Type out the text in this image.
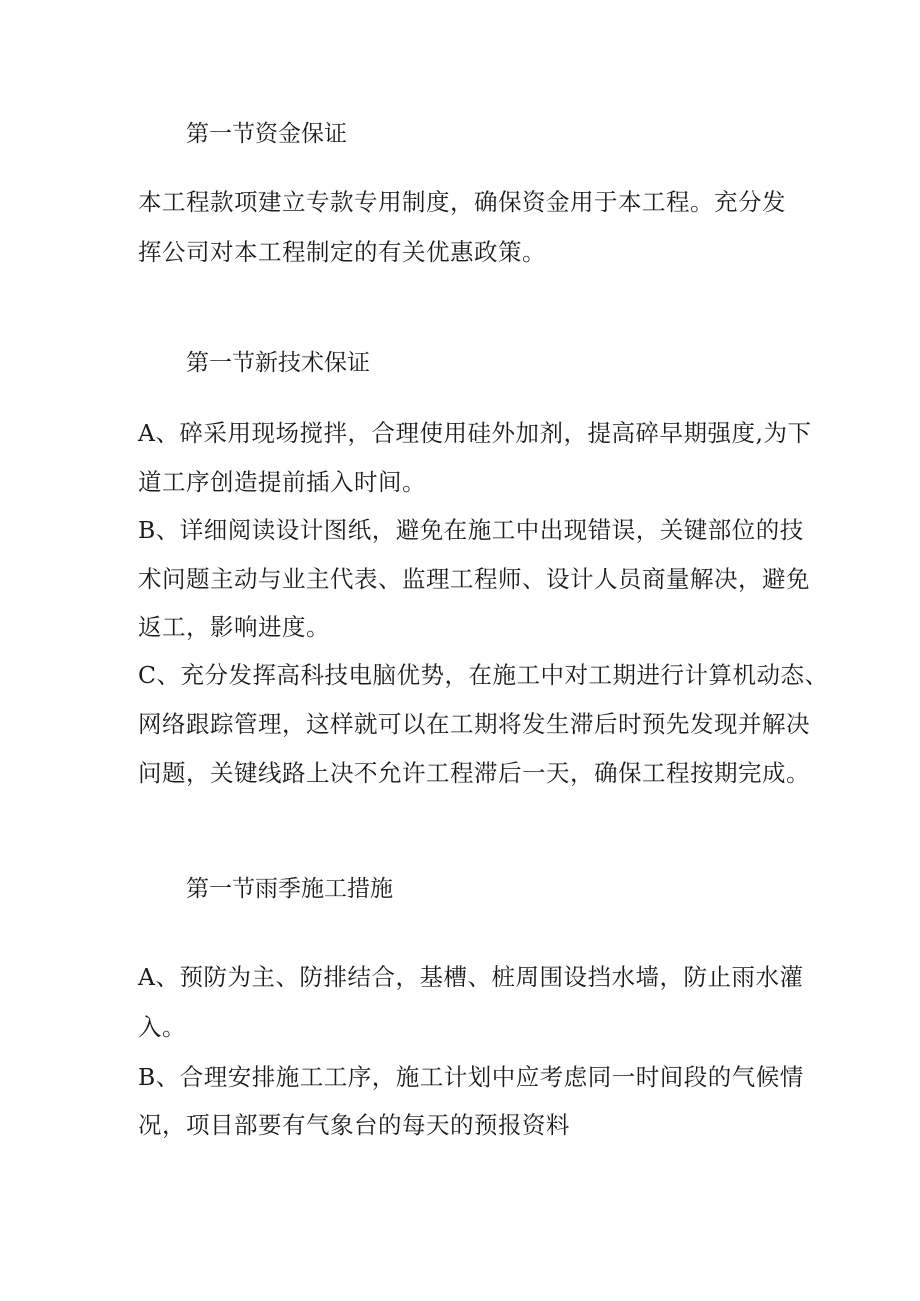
第一节资金保证
本工程款项建立专款专用制度，确保资金用于本工程。充分发
挥公司对本工程制定的有关优惠政策。
第一节新技术保证
A、碎采用现场搅拌，合理使用硅外加剂，提高碎早期强度,为下
道工序创造提前插入时间。
B、详细阅读设计图纸，避免在施工中出现错误，关键部位的技
术问题主动与业主代表、监理工程师、设计人员商量解决，避免
返工，影响进度。
C、充分发挥高科技电脑优势，在施工中对工期进行计算机动态、
网络跟踪管理，这样就可以在工期将发生滞后时预先发现并解决
问题，关键线路上决不允许工程滞后一天，确保工程按期完成。
第一节雨季施工措施
A、预防为主、防排结合，基槽、桩周围设挡水墙，防止雨水灌
入。
B、合理安排施工工序，施工计划中应考虑同一时间段的气候情
况，项目部要有气象台的每天的预报资料
